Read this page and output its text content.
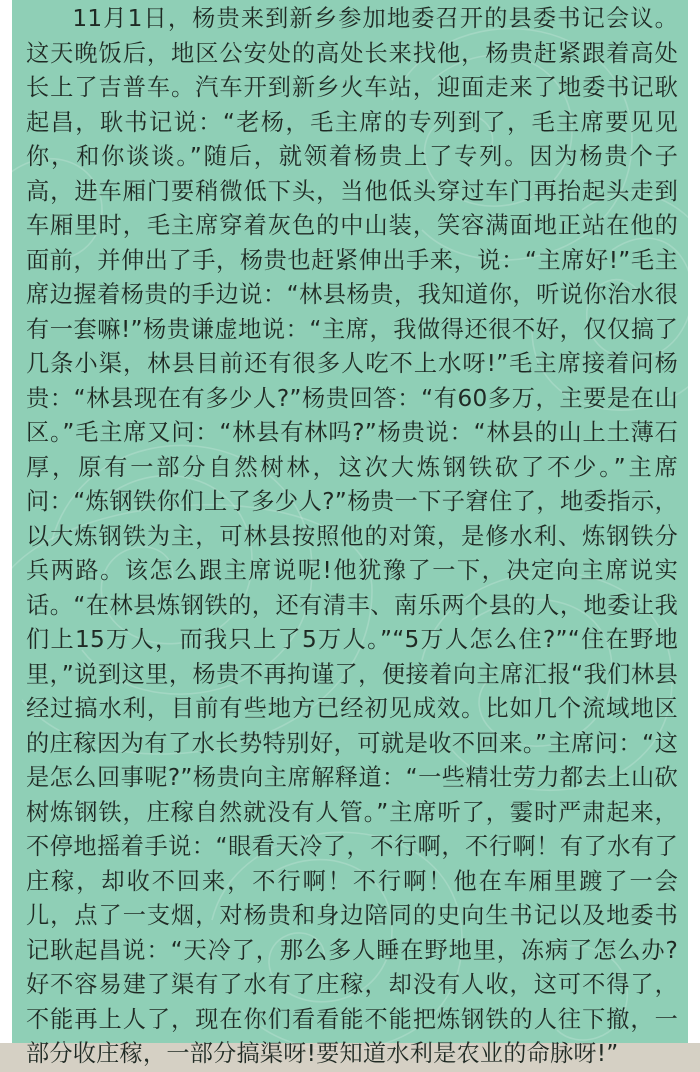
11月1日，杨贵来到新乡参加地委召开的县委书记会议。这天晚饭后，地区公安处的高处长来找他，杨贵赶紧跟着高处长上了吉普车。汽车开到新乡火车站，迎面走来了地委书记耿起昌，耿书记说：“老杨，毛主席的专列到了，毛主席要见见你，和你谈谈。”随后，就领着杨贵上了专列。因为杨贵个子高，进车厢门要稍微低下头，当他低头穿过车门再抬起头走到车厢里时，毛主席穿着灰色的中山装，笑容满面地正站在他的面前，并伸出了手，杨贵也赶紧伸出手来，说：“主席好!”毛主席边握着杨贵的手边说：“林县杨贵，我知道你，听说你治水很有一套嘛!”杨贵谦虚地说：“主席，我做得还很不好，仅仅搞了几条小渠，林县目前还有很多人吃不上水呀!”毛主席接着问杨贵：“林县现在有多少人?”杨贵回答：“有60多万，主要是在山区。”毛主席又问：“林县有林吗?”杨贵说：“林县的山上土薄石厚，原有一部分自然树林，这次大炼钢铁砍了不少。”主席问：“炼钢铁你们上了多少人?”杨贵一下子窘住了，地委指示，以大炼钢铁为主，可林县按照他的对策，是修水利、炼钢铁分兵两路。该怎么跟主席说呢!他犹豫了一下，决定向主席说实话。“在林县炼钢铁的，还有清丰、南乐两个县的人，地委让我们上15万人，而我只上了5万人。”“5万人怎么住?”“住在野地里，”说到这里，杨贵不再拘谨了，便接着向主席汇报“我们林县经过搞水利，目前有些地方已经初见成效。比如几个流域地区的庄稼因为有了水长势特别好，可就是收不回来。”主席问：“这是怎么回事呢?”杨贵向主席解释道：“一些精壮劳力都去上山砍树炼钢铁，庄稼自然就没有人管。”主席听了，霎时严肃起来，不停地摇着手说：“眼看天冷了，不行啊，不行啊！有了水有了庄稼，却收不回来，不行啊！不行啊！他在车厢里踱了一会儿，点了一支烟，对杨贵和身边陪同的史向生书记以及地委书记耿起昌说：“天冷了，那么多人睡在野地里，冻病了怎么办?好不容易建了渠有了水有了庄稼，却没有人收，这可不得了，不能再上人了，现在你们看看能不能把炼钢铁的人往下撤，一部分收庄稼，一部分搞渠呀!要知道水利是农业的命脉呀!”
